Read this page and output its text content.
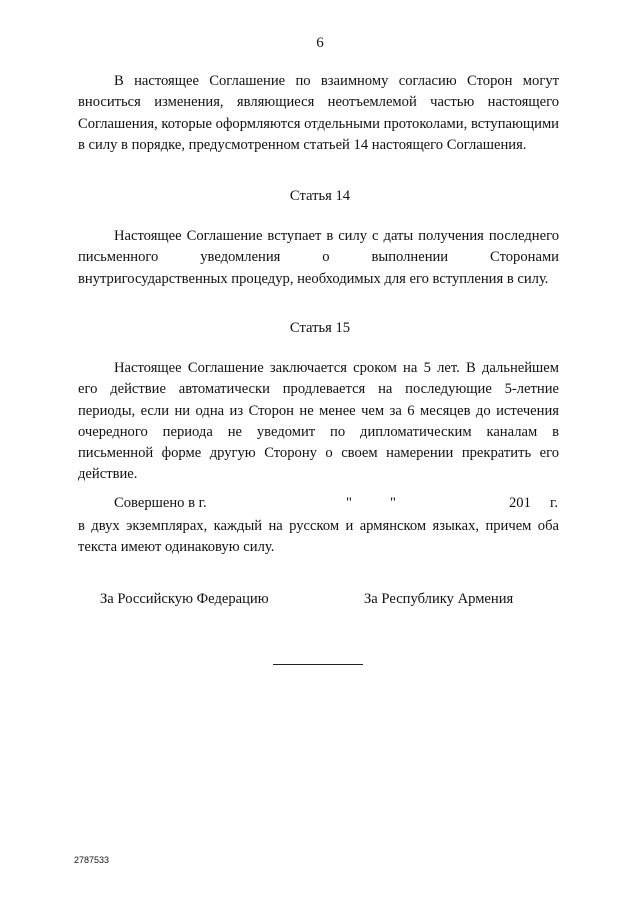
6
В настоящее Соглашение по взаимному согласию Сторон могут вноситься изменения, являющиеся неотъемлемой частью настоящего Соглашения, которые оформляются отдельными протоколами, вступающими в силу в порядке, предусмотренном статьей 14 настоящего Соглашения.
Статья 14
Настоящее Соглашение вступает в силу с даты получения последнего письменного уведомления о выполнении Сторонами внутригосударственных процедур, необходимых для его вступления в силу.
Статья 15
Настоящее Соглашение заключается сроком на 5 лет. В дальнейшем его действие автоматически продлевается на последующие 5-летние периоды, если ни одна из Сторон не менее чем за 6 месяцев до истечения очередного периода не уведомит по дипломатическим каналам в письменной форме другую Сторону о своем намерении прекратить его действие.
Совершено в г.	"	"	201 г.
в двух экземплярах, каждый на русском и армянском языках, причем оба текста имеют одинаковую силу.
За Российскую Федерацию	За Республику Армения
2787533
